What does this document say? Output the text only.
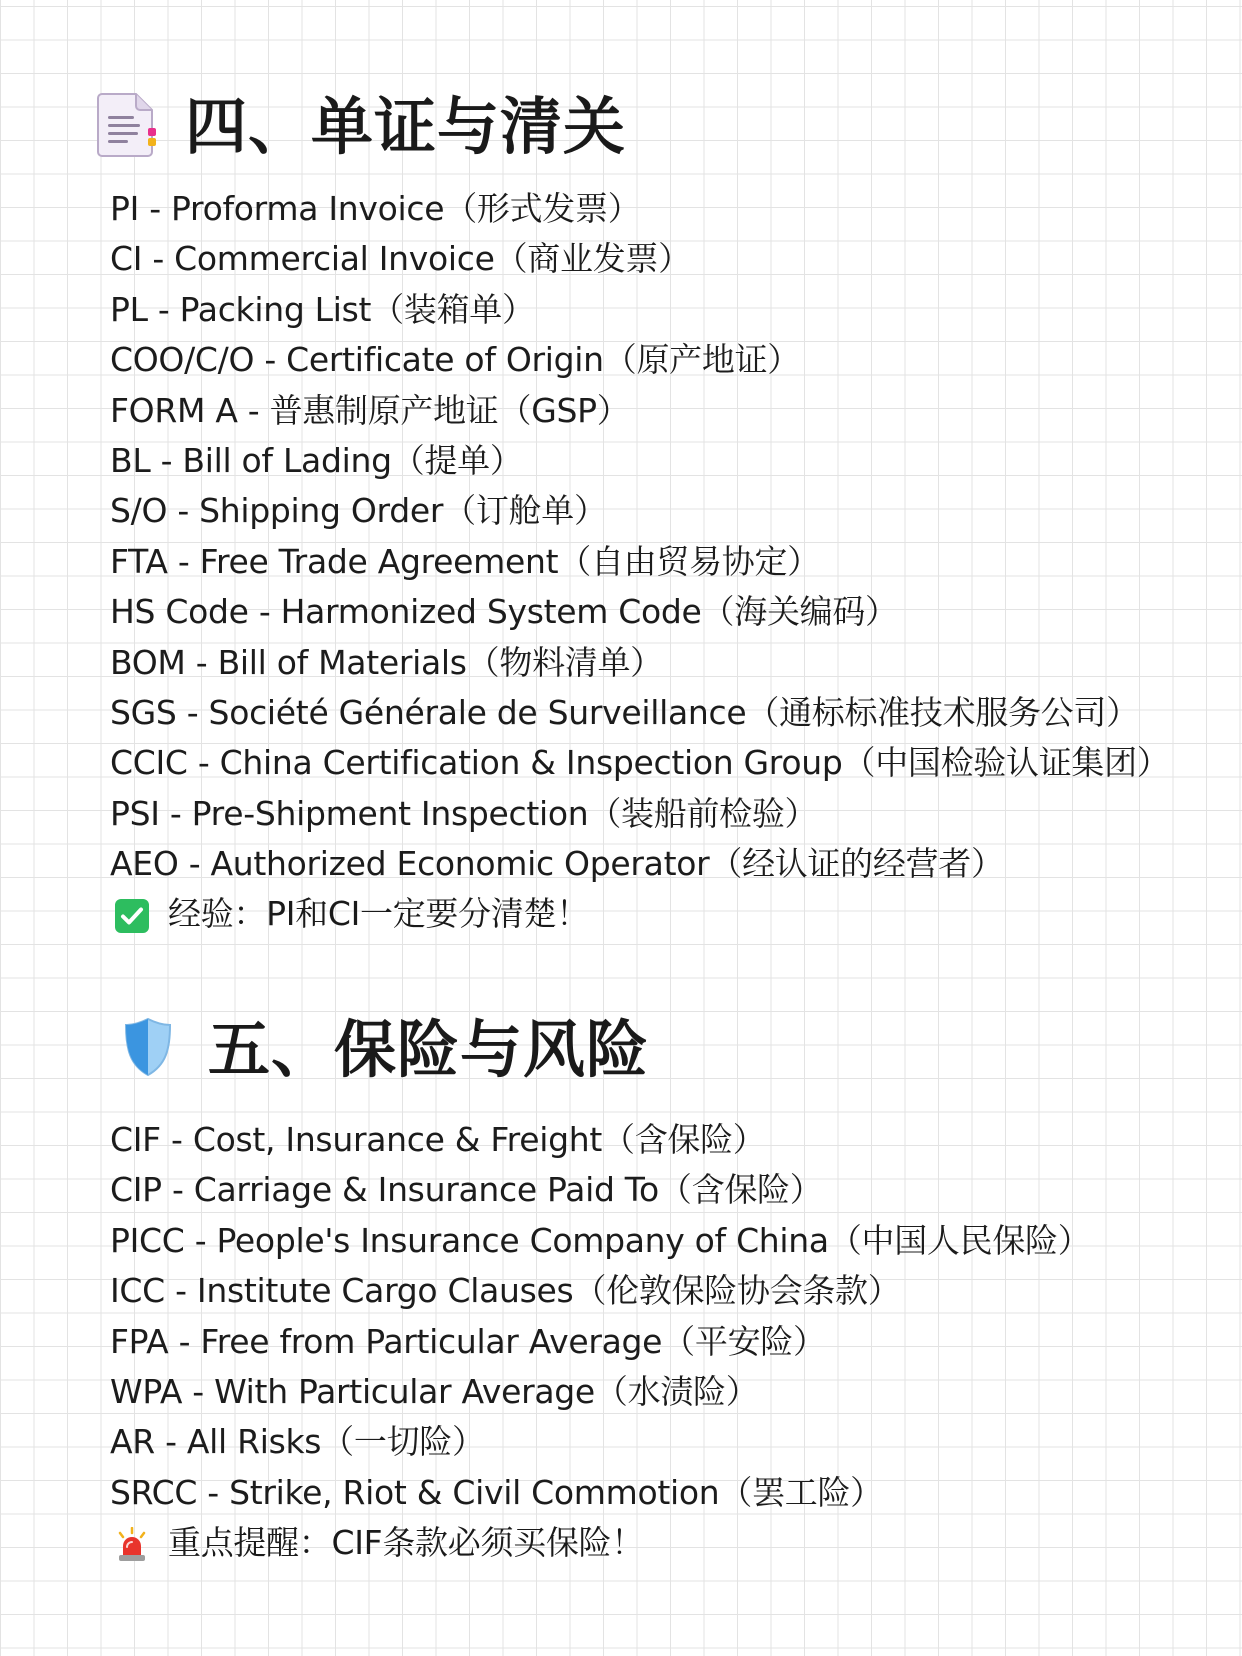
四、单证与清关
PI - Proforma Invoice（形式发票）
CI - Commercial Invoice（商业发票）
PL - Packing List（装箱单）
COO/C/O - Certificate of Origin（原产地证）
FORM A - 普惠制原产地证（GSP）
BL - Bill of Lading（提单）
S/O - Shipping Order（订舱单）
FTA - Free Trade Agreement（自由贸易协定）
HS Code - Harmonized System Code（海关编码）
BOM - Bill of Materials（物料清单）
SGS - Société Générale de Surveillance（通标标准技术服务公司）
CCIC - China Certification & Inspection Group（中国检验认证集团）
PSI - Pre-Shipment Inspection（装船前检验）
AEO - Authorized Economic Operator（经认证的经营者）
经验：PI和CI一定要分清楚！
五、保险与风险
CIF - Cost, Insurance & Freight（含保险）
CIP - Carriage & Insurance Paid To（含保险）
PICC - People's Insurance Company of China（中国人民保险）
ICC - Institute Cargo Clauses（伦敦保险协会条款）
FPA - Free from Particular Average（平安险）
WPA - With Particular Average（水渍险）
AR - All Risks（一切险）
SRCC - Strike, Riot & Civil Commotion（罢工险）
重点提醒：CIF条款必须买保险！
